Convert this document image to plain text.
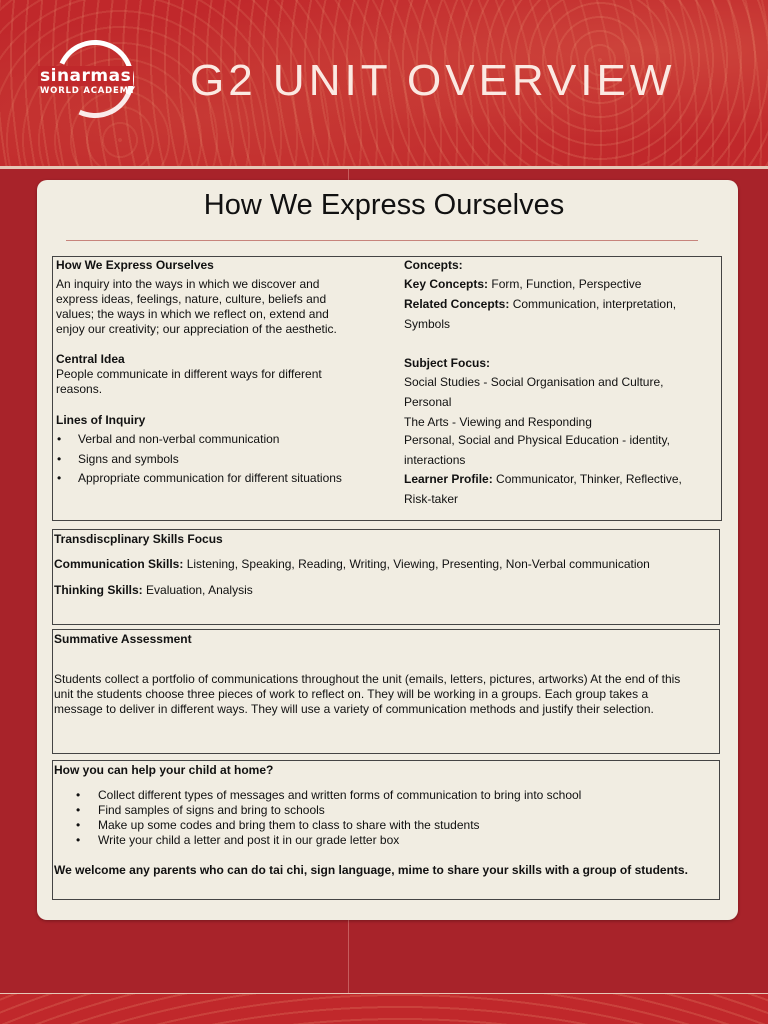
sinarmas
WORLD ACADEMY G2 UNIT OVERVIEW
How We Express Ourselves
How We Express Ourselves
An inquiry into the ways in which we discover and
express ideas, feelings, nature, culture, beliefs and
values; the ways in which we reflect on, extend and
enjoy our creativity; our appreciation of the aesthetic.
Central Idea
People communicate in different ways for different
reasons.
Lines of Inquiry
• Verbal and non-verbal communication
• Signs and symbols
• Appropriate communication for different situations
Concepts:
Key Concepts: Form, Function, Perspective
Related Concepts: Communication, interpretation,
Symbols
Subject Focus:
Social Studies - Social Organisation and Culture,
Personal
The Arts - Viewing and Responding
Personal, Social and Physical Education - identity,
interactions
Learner Profile: Communicator, Thinker, Reflective,
Risk-taker
Transdiscplinary Skills Focus
Communication Skills: Listening, Speaking, Reading, Writing, Viewing, Presenting, Non-Verbal communication
Thinking Skills: Evaluation, Analysis
Summative Assessment
Students collect a portfolio of communications throughout the unit (emails, letters, pictures, artworks) At the end of this
unit the students choose three pieces of work to reflect on. They will be working in a groups. Each group takes a
message to deliver in different ways. They will use a variety of communication methods and justify their selection.
How you can help your child at home?
• Collect different types of messages and written forms of communication to bring into school
• Find samples of signs and bring to schools
• Make up some codes and bring them to class to share with the students
• Write your child a letter and post it in our grade letter box
We welcome any parents who can do tai chi, sign language, mime to share your skills with a group of students.
